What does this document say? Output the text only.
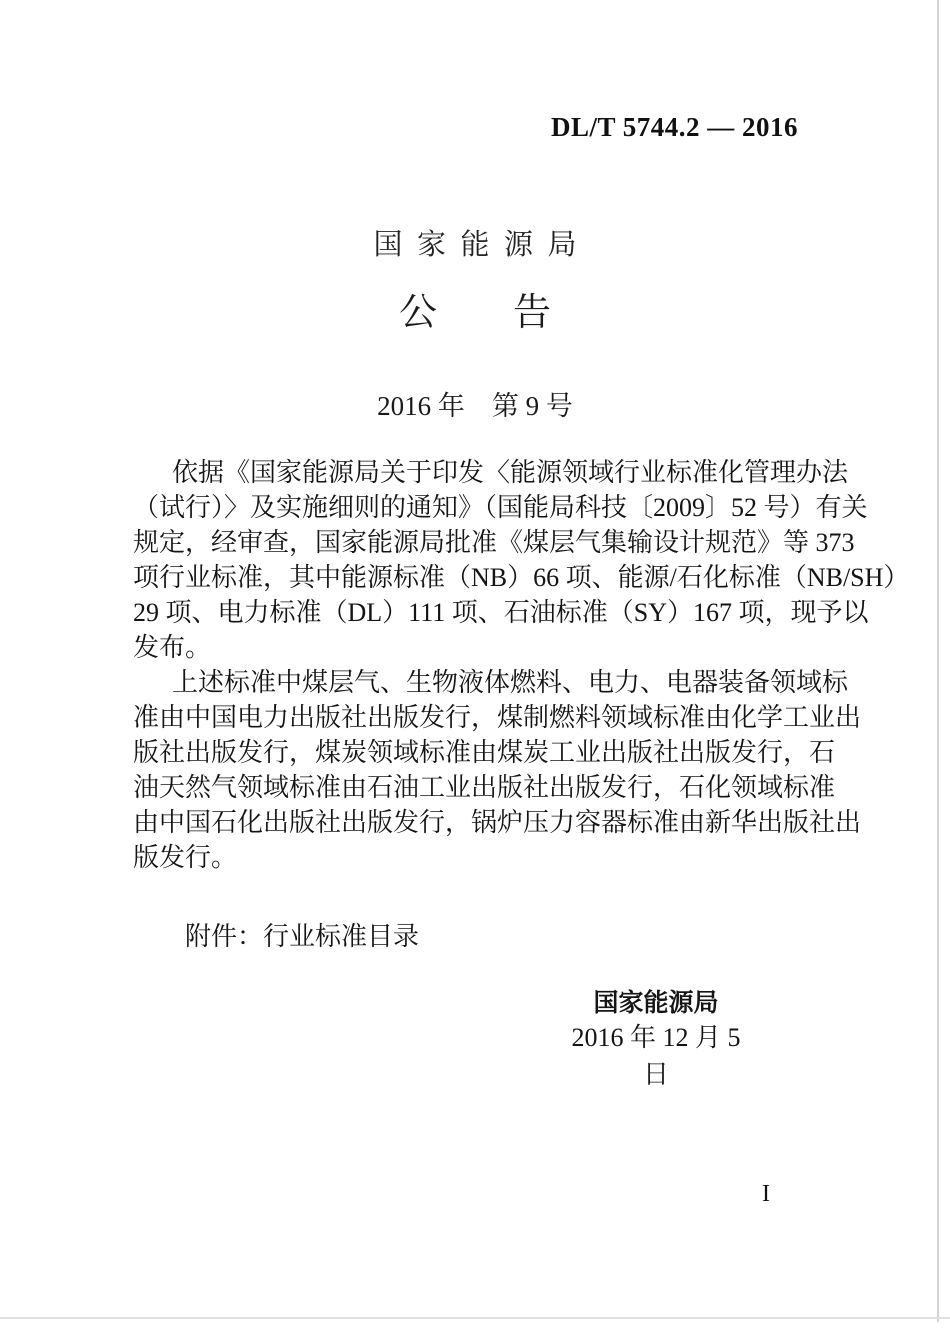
DL/T 5744.2 — 2016
国家能源局
公　　告
2016 年　第 9 号
依据《国家能源局关于印发〈能源领域行业标准化管理办法
（试行）〉及实施细则的通知》（国能局科技〔2009〕52 号）有关
规定，经审查，国家能源局批准《煤层气集输设计规范》等 373
项行业标准，其中能源标准（NB）66 项、能源/石化标准（NB/SH）
29 项、电力标准（DL）111 项、石油标准（SY）167 项，现予以
发布。
上述标准中煤层气、生物液体燃料、电力、电器装备领域标
准由中国电力出版社出版发行，煤制燃料领域标准由化学工业出
版社出版发行，煤炭领域标准由煤炭工业出版社出版发行，石
油天然气领域标准由石油工业出版社出版发行，石化领域标准
由中国石化出版社出版发行，锅炉压力容器标准由新华出版社出
版发行。
附件：行业标准目录
国家能源局
2016 年 12 月 5 日
I
